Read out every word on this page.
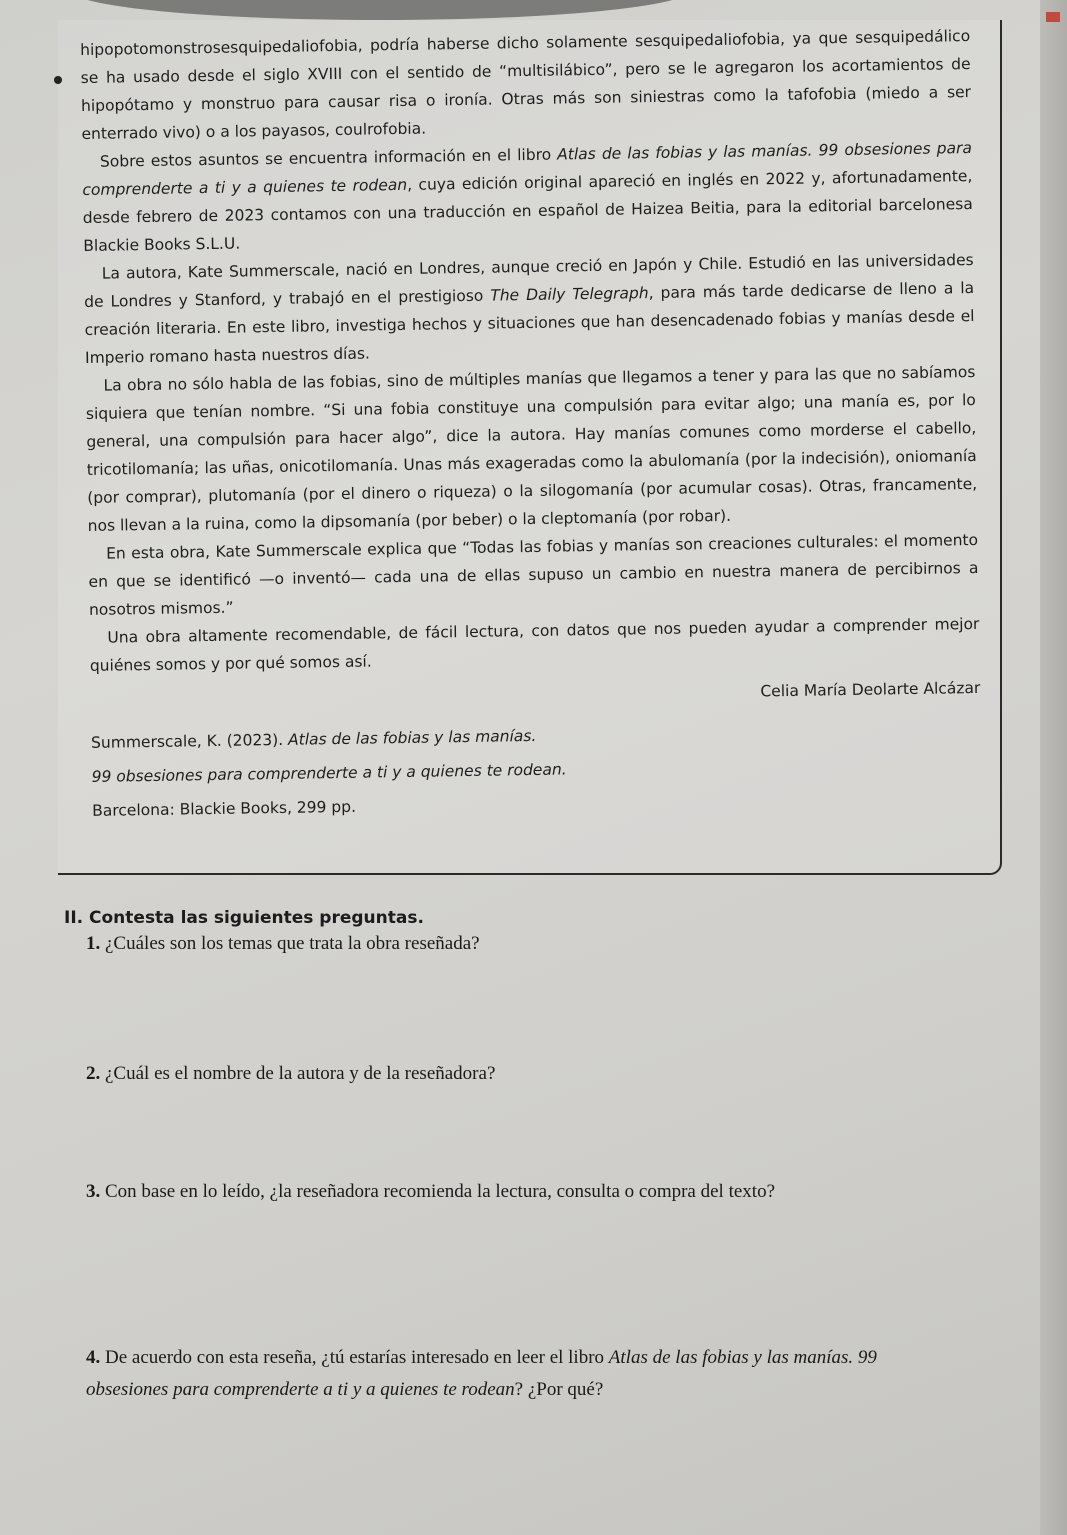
hipopotomonstrosesquipedaliofobia, podría haberse dicho solamente sesquipedaliofobia, ya que sesquipedálico se ha usado desde el siglo XVIII con el sentido de “multisilábico”, pero se le agregaron los acortamientos de hipopótamo y monstruo para causar risa o ironía. Otras más son siniestras como la tafofobia (miedo a ser enterrado vivo) o a los payasos, coulrofobia.

Sobre estos asuntos se encuentra información en el libro Atlas de las fobias y las manías. 99 obsesiones para comprenderte a ti y a quienes te rodean, cuya edición original apareció en inglés en 2022 y, afortunadamente, desde febrero de 2023 contamos con una traducción en español de Haizea Beitia, para la editorial barcelonesa Blackie Books S.L.U.

La autora, Kate Summerscale, nació en Londres, aunque creció en Japón y Chile. Estudió en las universidades de Londres y Stanford, y trabajó en el prestigioso The Daily Telegraph, para más tarde dedicarse de lleno a la creación literaria. En este libro, investiga hechos y situaciones que han desencadenado fobias y manías desde el Imperio romano hasta nuestros días.

La obra no sólo habla de las fobias, sino de múltiples manías que llegamos a tener y para las que no sabíamos siquiera que tenían nombre. “Si una fobia constituye una compulsión para evitar algo; una manía es, por lo general, una compulsión para hacer algo”, dice la autora. Hay manías comunes como morderse el cabello, tricotilomanía; las uñas, onicotilomanía. Unas más exageradas como la abulomanía (por la indecisión), oniomanía (por comprar), plutomanía (por el dinero o riqueza) o la silogomanía (por acumular cosas). Otras, francamente, nos llevan a la ruina, como la dipsomanía (por beber) o la cleptomanía (por robar).

En esta obra, Kate Summerscale explica que “Todas las fobias y manías son creaciones culturales: el momento en que se identificó —o inventó— cada una de ellas supuso un cambio en nuestra manera de percibirnos a nosotros mismos.”

Una obra altamente recomendable, de fácil lectura, con datos que nos pueden ayudar a comprender mejor quiénes somos y por qué somos así.

Celia María Deolarte Alcázar

Summerscale, K. (2023). Atlas de las fobias y las manías.
99 obsesiones para comprenderte a ti y a quienes te rodean.
Barcelona: Blackie Books, 299 pp.
II. Contesta las siguientes preguntas.

1. ¿Cuáles son los temas que trata la obra reseñada?

2. ¿Cuál es el nombre de la autora y de la reseñadora?

3. Con base en lo leído, ¿la reseñadora recomienda la lectura, consulta o compra del texto?

4. De acuerdo con esta reseña, ¿tú estarías interesado en leer el libro Atlas de las fobias y las manías. 99
obsesiones para comprenderte a ti y a quienes te rodean? ¿Por qué?
